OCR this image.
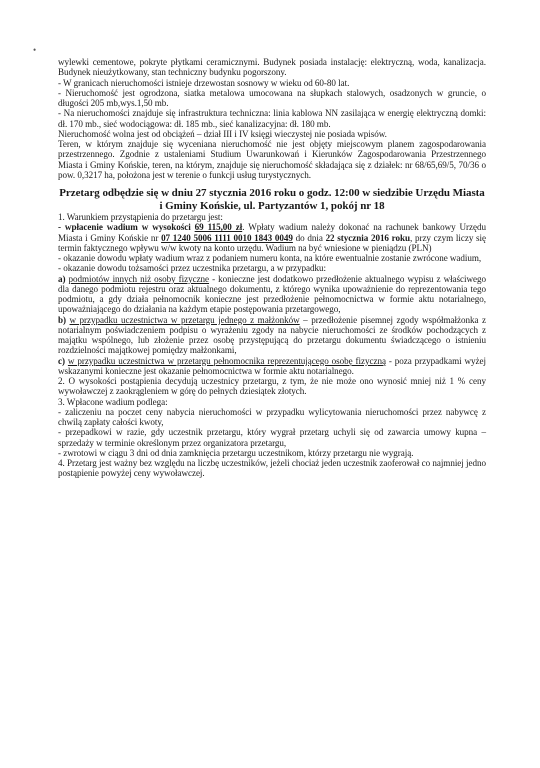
•

wylewki cementowe, pokryte płytkami ceramicznymi. Budynek posiada instalację: elektryczną, woda, kanalizacja. Budynek nieużytkowany, stan techniczny budynku pogorszony.

- W granicach nieruchomości istnieje drzewostan sosnowy w wieku od 60-80 lat.

- Nieruchomość jest ogrodzona, siatka metalowa umocowana na słupkach stalowych, osadzonych w gruncie, o długości 205 mb,wys.1,50 mb.

- Na nieruchomości znajduje się infrastruktura techniczna: linia kablowa NN zasilająca w energię elektryczną domki: dł. 170 mb., sieć wodociągowa: dł. 185 mb., sieć kanalizacyjna: dł. 180 mb.

Nieruchomość wolna jest od obciążeń – dział III i IV księgi wieczystej nie posiada wpisów.

Teren, w którym znajduje się wyceniana nieruchomość nie jest objęty miejscowym planem zagospodarowania przestrzennego. Zgodnie z ustaleniami Studium Uwarunkowań i Kierunków Zagospodarowania Przestrzennego Miasta i Gminy Końskie, teren, na którym, znajduje się nieruchomość składająca się z działek: nr 68/65,69/5, 70/36 o pow. 0,3217 ha, położona jest w terenie o funkcji usług turystycznych.

Przetarg odbędzie się w dniu 27 stycznia 2016 roku o godz. 12:00 w siedzibie Urzędu Miasta i Gminy Końskie, ul. Partyzantów 1, pokój nr 18

1. Warunkiem przystąpienia do przetargu jest:

- wpłacenie wadium w wysokości 69 115,00 zł. Wpłaty wadium należy dokonać na rachunek bankowy Urzędu Miasta i Gminy Końskie nr 07 1240 5006 1111 0010 1843 0049 do dnia 22 stycznia 2016 roku, przy czym liczy się termin faktycznego wpływu w/w kwoty na konto urzędu. Wadium na być wniesione w pieniądzu (PLN)

- okazanie dowodu wpłaty wadium wraz z podaniem numeru konta, na które ewentualnie zostanie zwrócone wadium,

- okazanie dowodu tożsamości przez uczestnika przetargu, a w przypadku:

a) podmiotów innych niż osoby fizyczne - konieczne jest dodatkowo przedłożenie aktualnego wypisu z właściwego dla danego podmiotu rejestru oraz aktualnego dokumentu, z którego wynika upoważnienie do reprezentowania tego podmiotu, a gdy działa pełnomocnik konieczne jest przedłożenie pełnomocnictwa w formie aktu notarialnego, upoważniającego do działania na każdym etapie postępowania przetargowego,

b) w przypadku uczestnictwa w przetargu jednego z małżonków – przedłożenie pisemnej zgody współmałżonka z notarialnym poświadczeniem podpisu o wyrażeniu zgody na nabycie nieruchomości ze środków pochodzących z majątku wspólnego, lub złożenie przez osobę przystępującą do przetargu dokumentu świadczącego o istnieniu rozdzielności majątkowej pomiędzy małżonkami,

c) w przypadku uczestnictwa w przetargu pełnomocnika reprezentującego osobę fizyczną - poza przypadkami wyżej wskazanymi konieczne jest okazanie pełnomocnictwa w formie aktu notarialnego.

2. O wysokości postąpienia decydują uczestnicy przetargu, z tym, że nie może ono wynosić mniej niż 1 % ceny wywoławczej z zaokrągleniem w górę do pełnych dziesiątek złotych.

3. Wpłacone wadium podlega:

- zaliczeniu na poczet ceny nabycia nieruchomości w przypadku wylicytowania nieruchomości przez nabywcę z chwilą zapłaty całości kwoty,

- przepadkowi w razie, gdy uczestnik przetargu, który wygrał przetarg uchyli się od zawarcia umowy kupna – sprzedaży w terminie określonym przez organizatora przetargu,

- zwrotowi w ciągu 3 dni od dnia zamknięcia przetargu uczestnikom, którzy przetargu nie wygrają.

4. Przetarg jest ważny bez względu na liczbę uczestników, jeżeli chociaż jeden uczestnik zaoferował co najmniej jedno postąpienie powyżej ceny wywoławczej.
